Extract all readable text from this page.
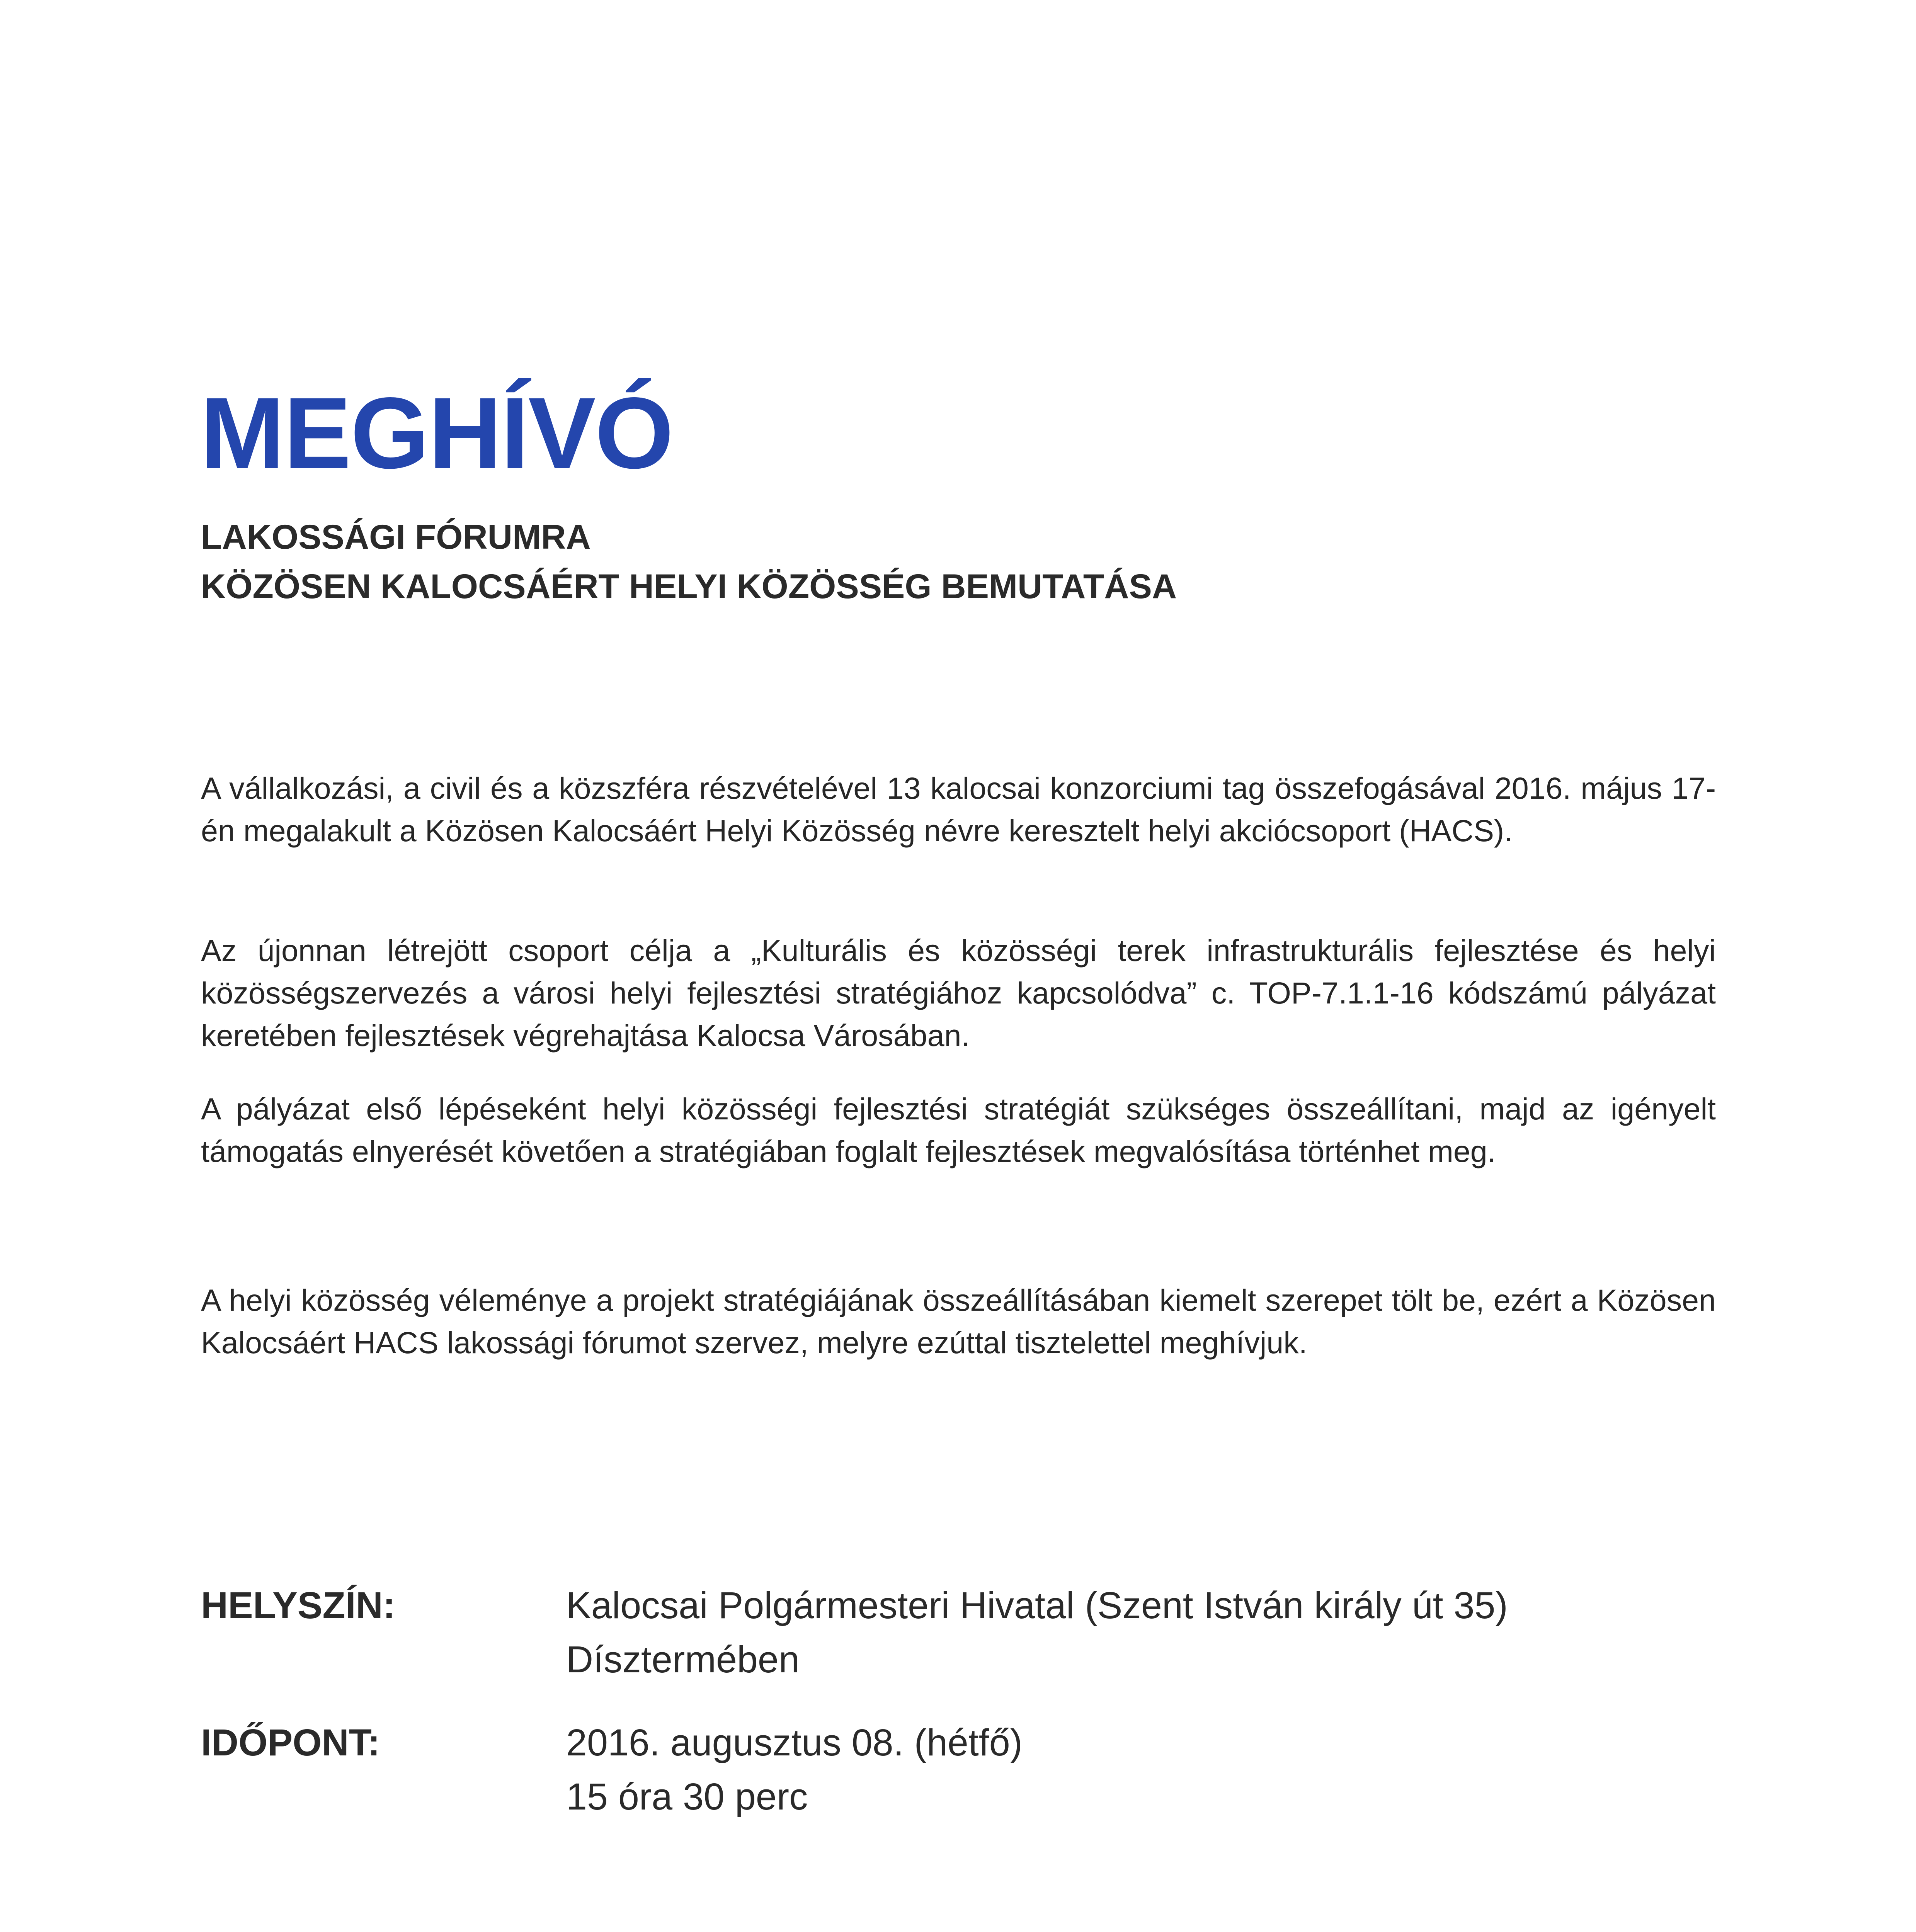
MEGHÍVÓ
LAKOSSÁGI FÓRUMRA
KÖZÖSEN KALOCSÁÉRT HELYI KÖZÖSSÉG BEMUTATÁSA

A vállalkozási, a civil és a közszféra részvételével 13 kalocsai konzorciumi tag összefogásával 2016. május 17-én megalakult a Közösen Kalocsáért Helyi Közösség névre keresztelt helyi akciócsoport (HACS).

Az újonnan létrejött csoport célja a „Kulturális és közösségi terek infrastrukturális fejlesztése és helyi közösségszervezés a városi helyi fejlesztési stratégiához kapcsolódva” c. TOP-7.1.1-16 kódszámú pályázat keretében fejlesztések végrehajtása Kalocsa Városában.

A pályázat első lépéseként helyi közösségi fejlesztési stratégiát szükséges összeállítani, majd az igényelt támogatás elnyerését követően a stratégiában foglalt fejlesztések megvalósítása történhet meg.

A helyi közösség véleménye a projekt stratégiájának összeállításában kiemelt szerepet tölt be, ezért a Közösen Kalocsáért HACS lakossági fórumot szervez, melyre ezúttal tisztelettel meghívjuk.

HELYSZÍN:	Kalocsai Polgármesteri Hivatal (Szent István király út 35)
Dísztermében
IDŐPONT:	2016. augusztus 08. (hétfő)
15 óra 30 perc
